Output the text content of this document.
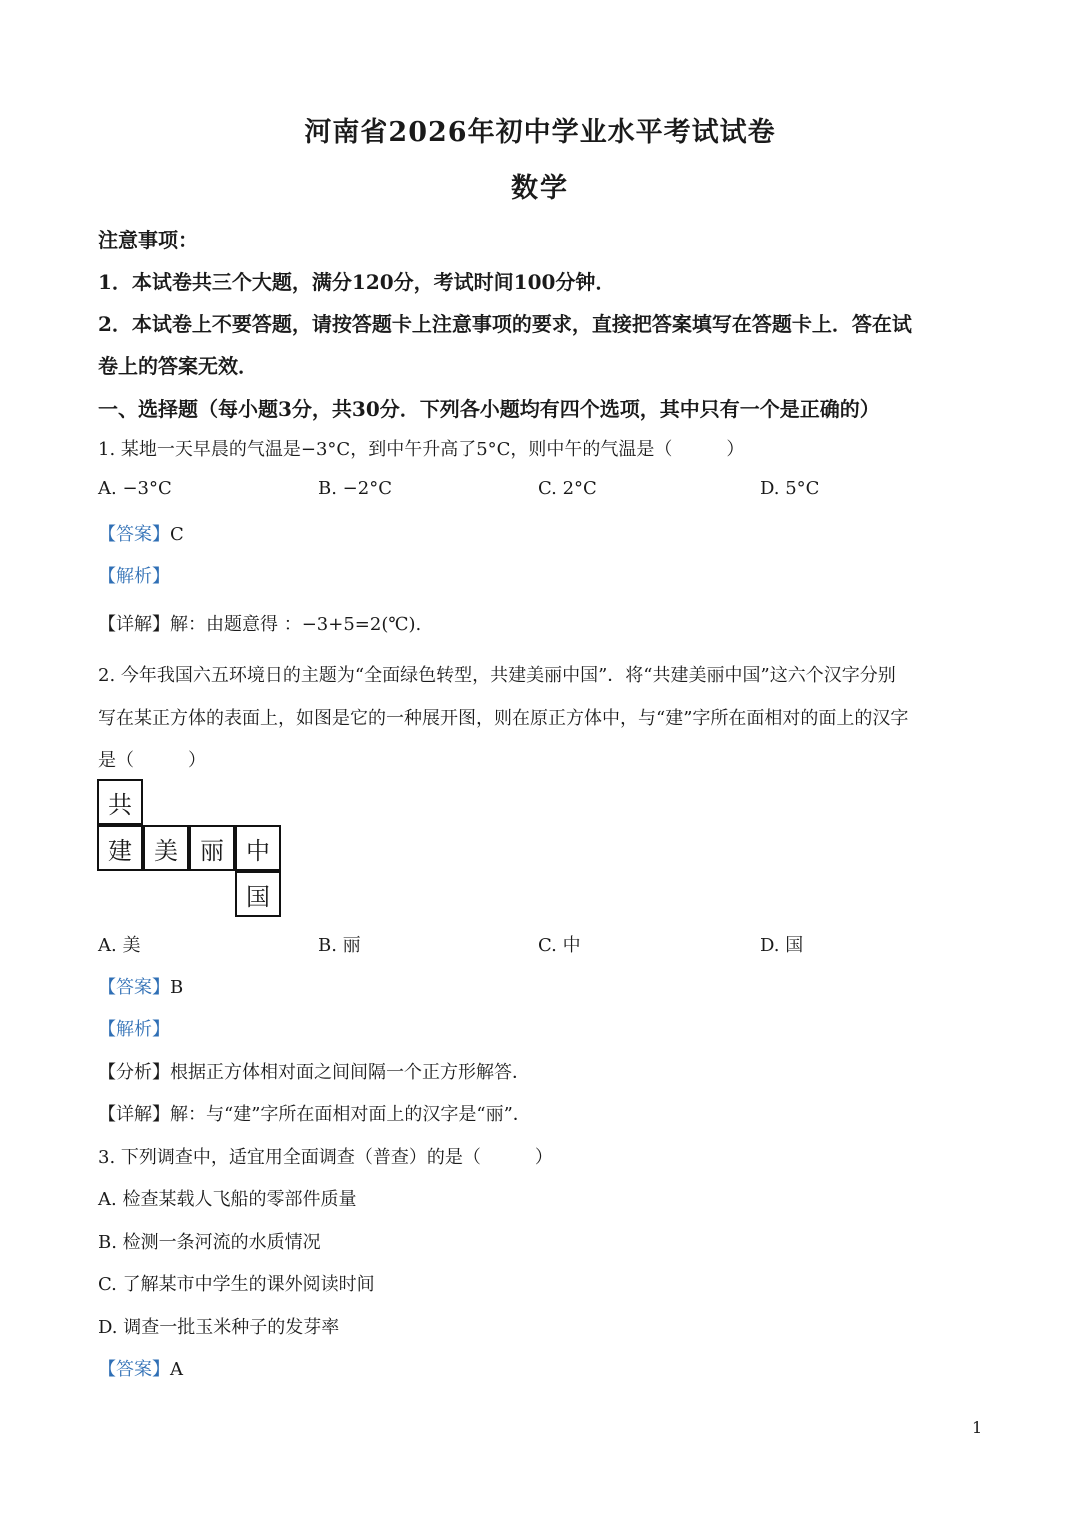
河南省2026年初中学业水平考试试卷
数学
注意事项：
1．本试卷共三个大题，满分120分，考试时间100分钟．
2．本试卷上不要答题，请按答题卡上注意事项的要求，直接把答案填写在答题卡上．答在试
卷上的答案无效．
一、选择题（每小题3分，共30分．下列各小题均有四个选项，其中只有一个是正确的）
1. 某地一天早晨的气温是−3°C，到中午升高了5°C，则中午的气温是（　　　）
A. −3°C	B. −2°C	C. 2°C	D. 5°C
【答案】C
【解析】
【详解】解：由题意得 ：−3+5=2(℃).
2. 今年我国六五环境日的主题为“全面绿色转型，共建美丽中国”．将“共建美丽中国”这六个汉字分别
写在某正方体的表面上，如图是它的一种展开图，则在原正方体中，与“建”字所在面相对的面上的汉字
是（　　　）
共
建 美 丽 中
国
A. 美	B. 丽	C. 中	D. 国
【答案】B
【解析】
【分析】根据正方体相对面之间间隔一个正方形解答．
【详解】解：与“建”字所在面相对面上的汉字是“丽”．
3. 下列调查中，适宜用全面调查（普查）的是（　　　）
A. 检查某载人飞船的零部件质量
B. 检测一条河流的水质情况
C. 了解某市中学生的课外阅读时间
D. 调查一批玉米种子的发芽率
【答案】A
1
